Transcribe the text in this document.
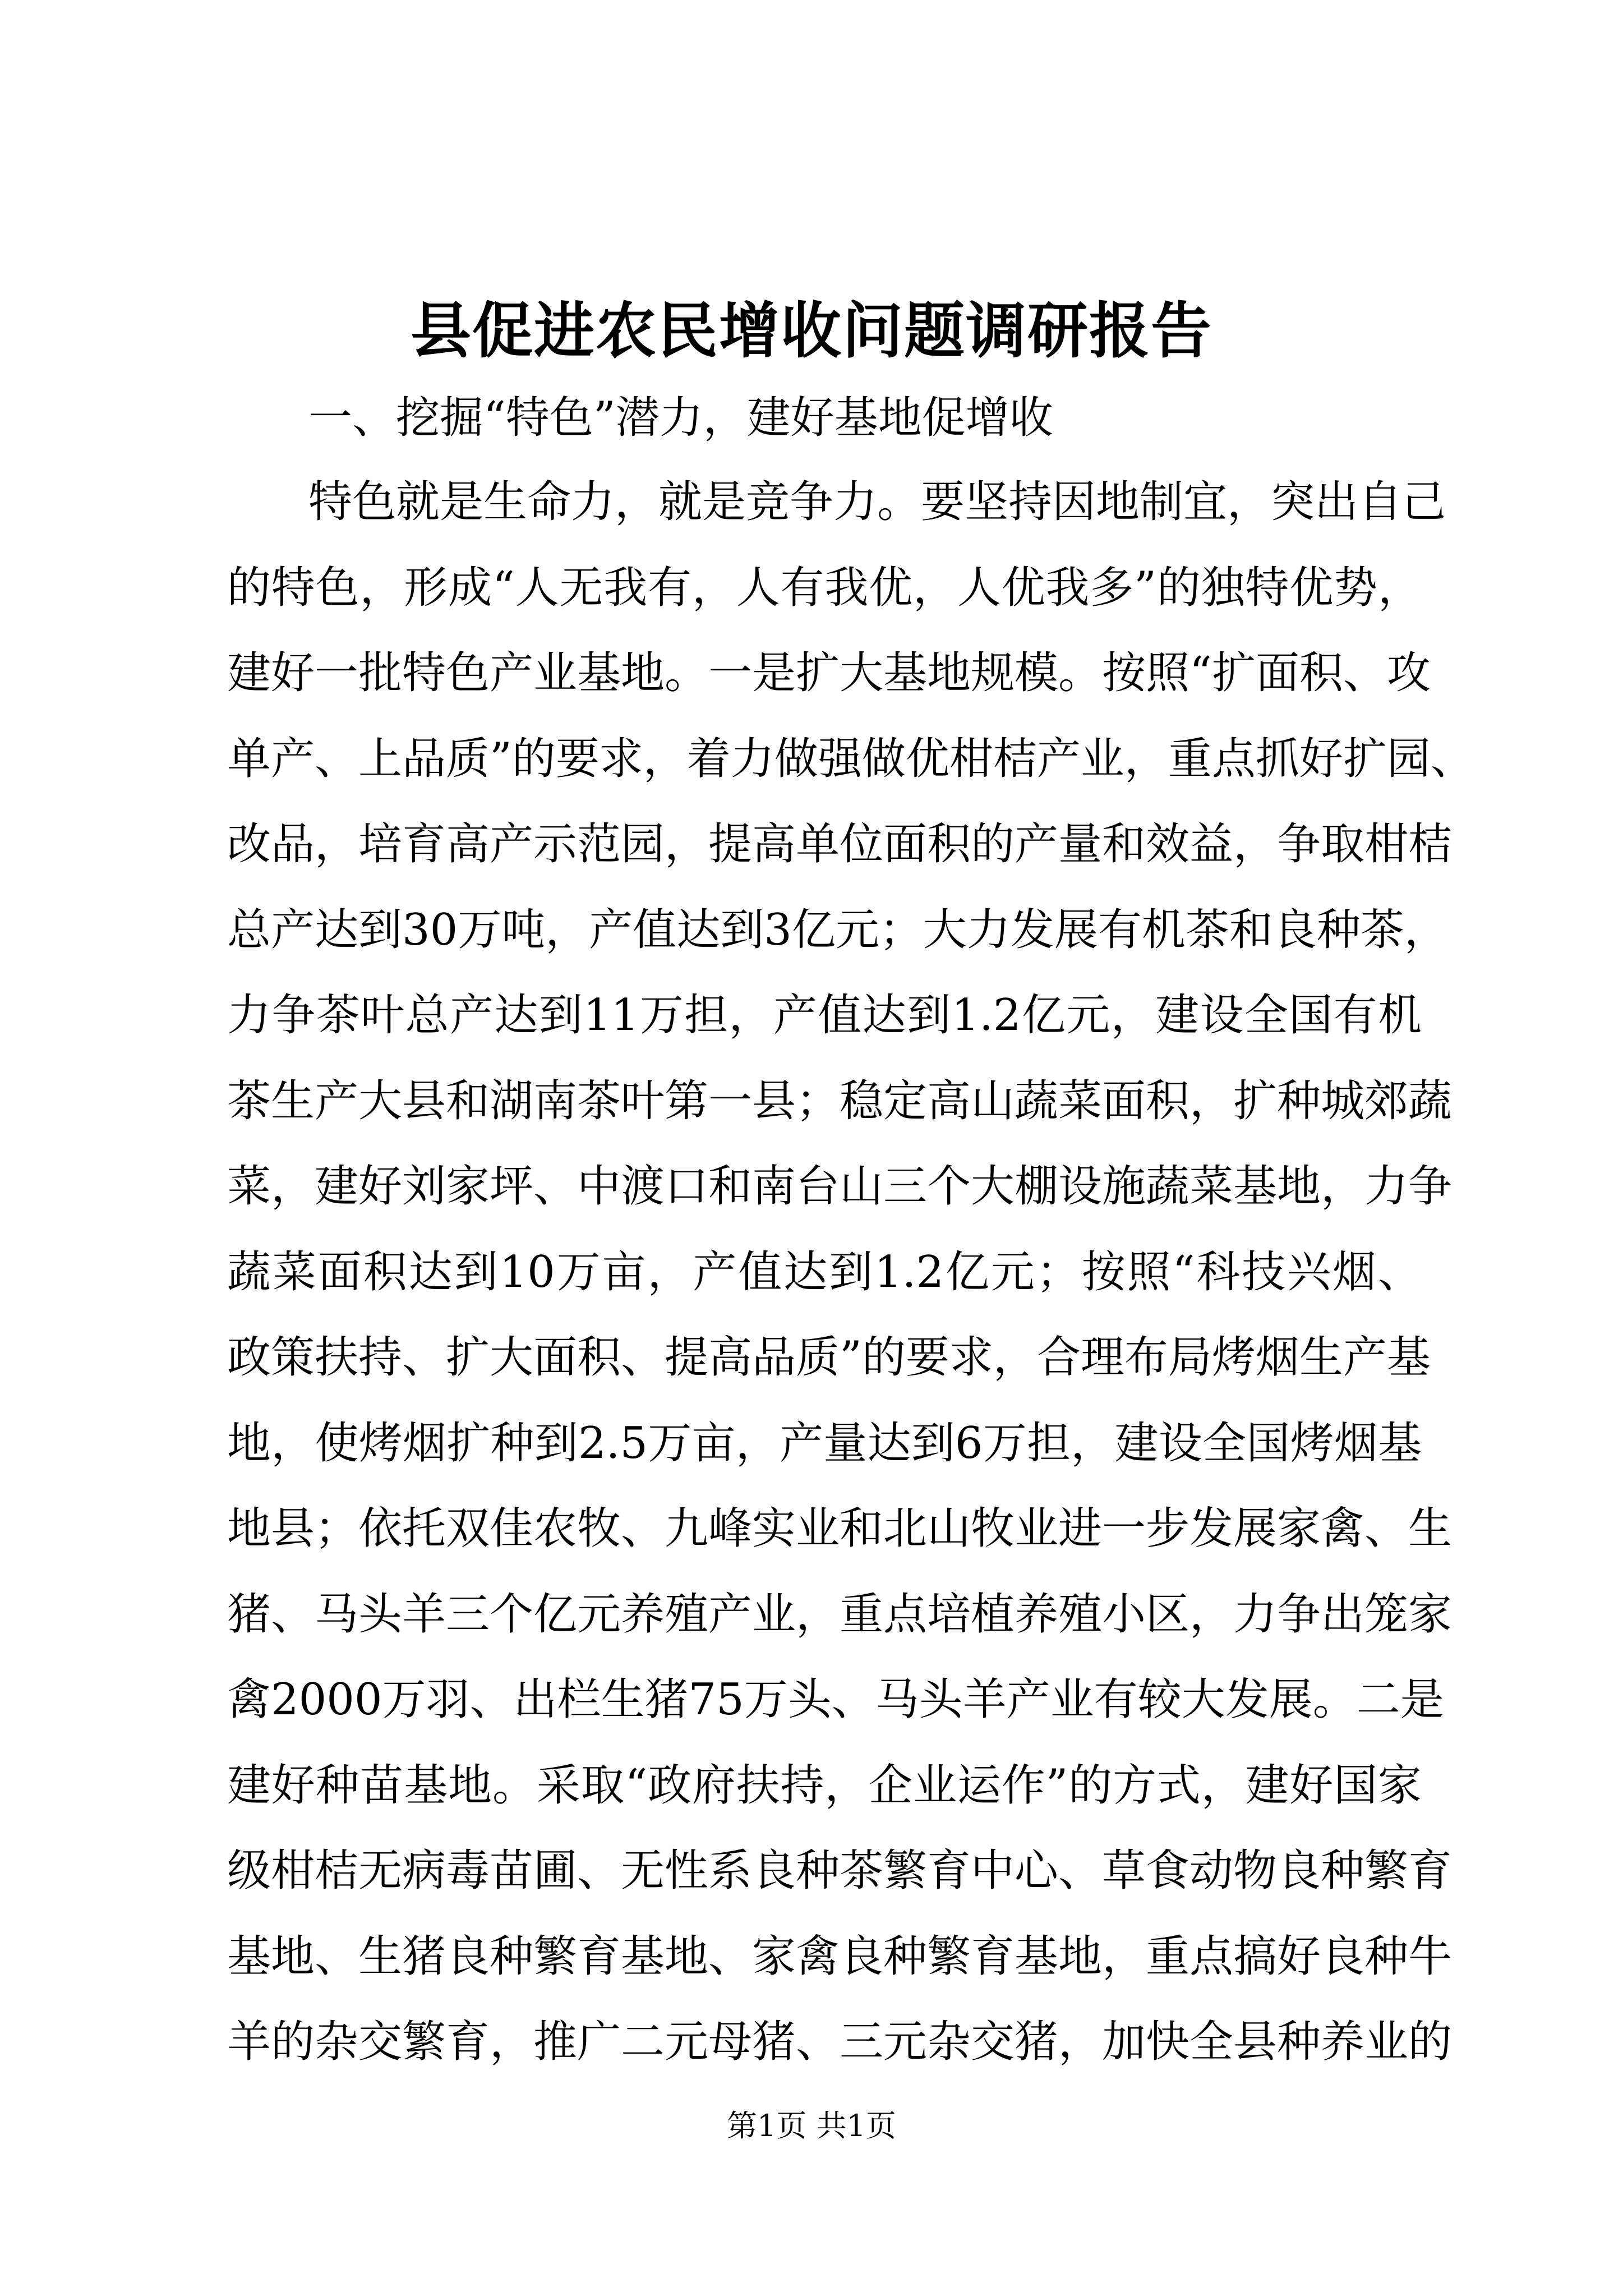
县促进农民增收问题调研报告
一、挖掘“特色”潜力，建好基地促增收
特色就是生命力，就是竞争力。要坚持因地制宜，突出自己
的特色，形成“人无我有，人有我优，人优我多”的独特优势，
建好一批特色产业基地。一是扩大基地规模。按照“扩面积、攻
单产、上品质”的要求，着力做强做优柑桔产业，重点抓好扩园、
改品，培育高产示范园，提高单位面积的产量和效益，争取柑桔
总产达到30万吨，产值达到3亿元；大力发展有机茶和良种茶，
力争茶叶总产达到11万担，产值达到1.2亿元，建设全国有机
茶生产大县和湖南茶叶第一县；稳定高山蔬菜面积，扩种城郊蔬
菜，建好刘家坪、中渡口和南台山三个大棚设施蔬菜基地，力争
蔬菜面积达到10万亩，产值达到1.2亿元；按照“科技兴烟、
政策扶持、扩大面积、提高品质”的要求，合理布局烤烟生产基
地，使烤烟扩种到2.5万亩，产量达到6万担，建设全国烤烟基
地县；依托双佳农牧、九峰实业和北山牧业进一步发展家禽、生
猪、马头羊三个亿元养殖产业，重点培植养殖小区，力争出笼家
禽2000万羽、出栏生猪75万头、马头羊产业有较大发展。二是
建好种苗基地。采取“政府扶持，企业运作”的方式，建好国家
级柑桔无病毒苗圃、无性系良种茶繁育中心、草食动物良种繁育
基地、生猪良种繁育基地、家禽良种繁育基地，重点搞好良种牛
羊的杂交繁育，推广二元母猪、三元杂交猪，加快全县种养业的
第1页 共1页
